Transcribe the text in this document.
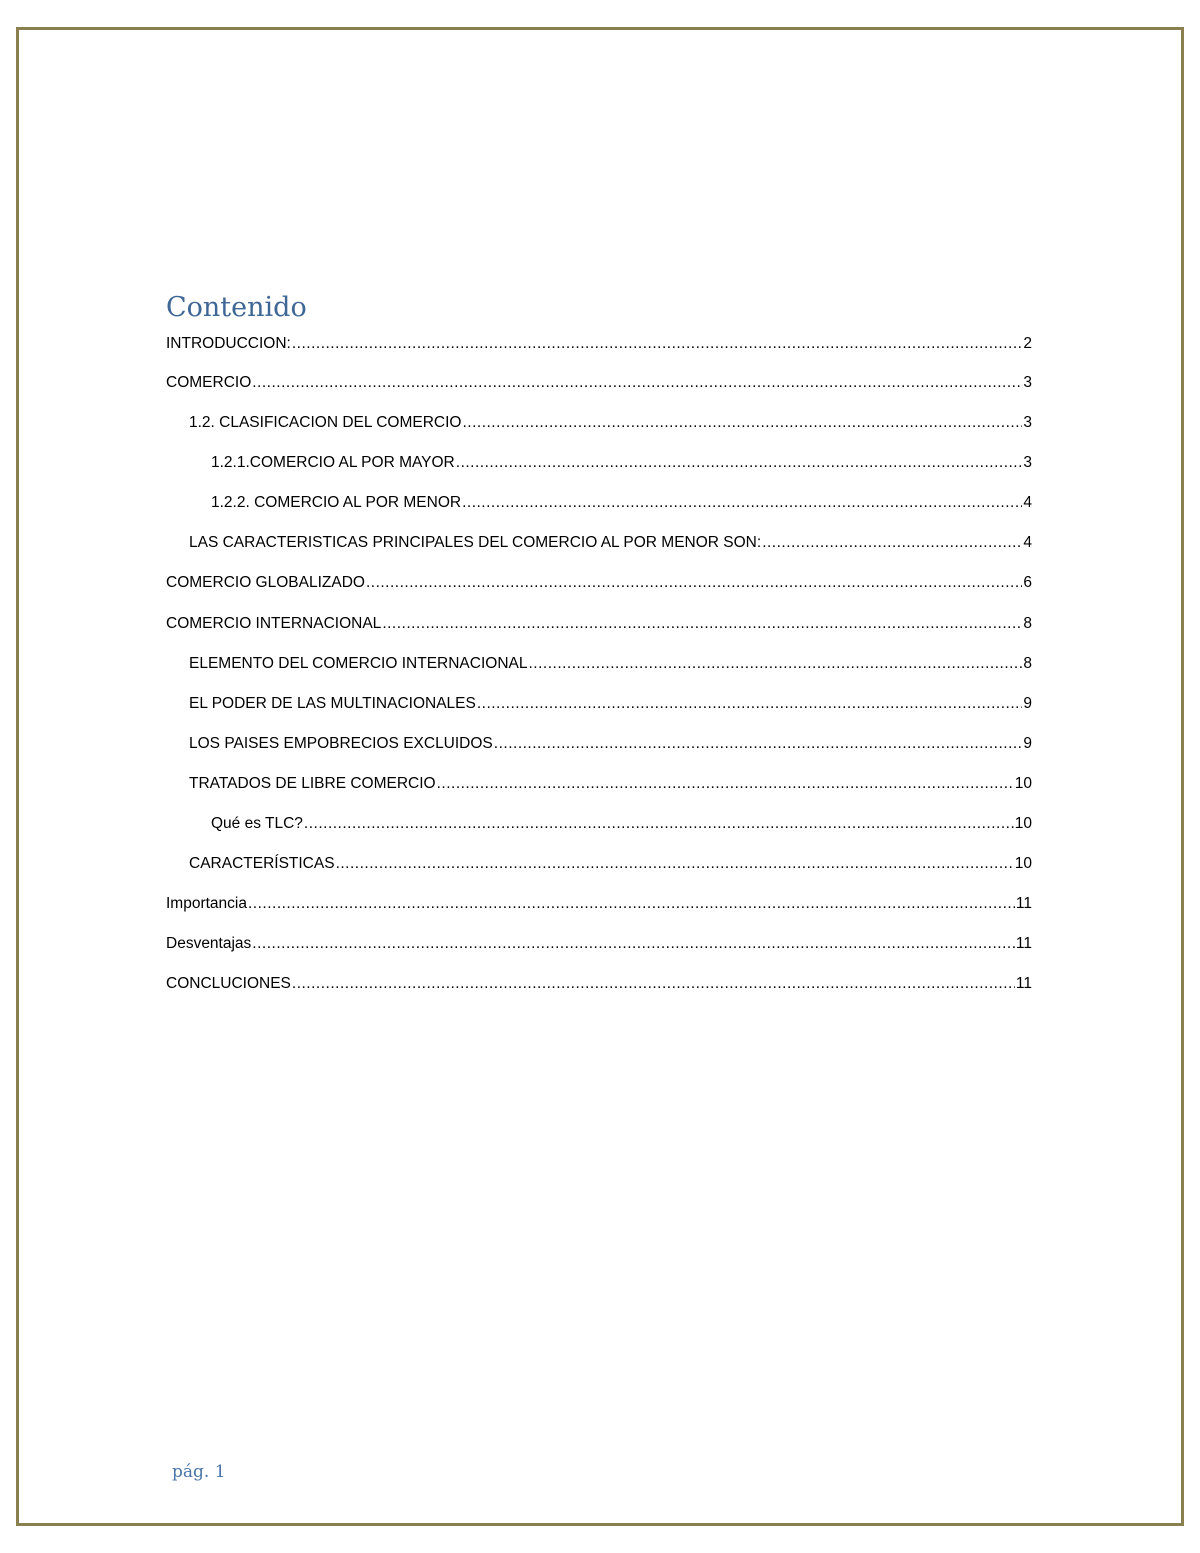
Contenido
INTRODUCCION: .....	2
COMERCIO .....	3
1.2. CLASIFICACION DEL COMERCIO .....	3
1.2.1.COMERCIO AL POR MAYOR .....	3
1.2.2. COMERCIO AL POR MENOR .....	4
LAS CARACTERISTICAS PRINCIPALES DEL COMERCIO AL POR MENOR SON: .....	4
COMERCIO GLOBALIZADO .....	6
COMERCIO INTERNACIONAL .....	8
ELEMENTO DEL COMERCIO INTERNACIONAL .....	8
EL PODER DE LAS MULTINACIONALES .....	9
LOS PAISES EMPOBRECIOS EXCLUIDOS .....	9
TRATADOS DE LIBRE COMERCIO .....	10
Qué es TLC? .....	10
CARACTERÍSTICAS .....	10
Importancia .....	11
Desventajas .....	11
CONCLUCIONES .....	11
pág. 1
